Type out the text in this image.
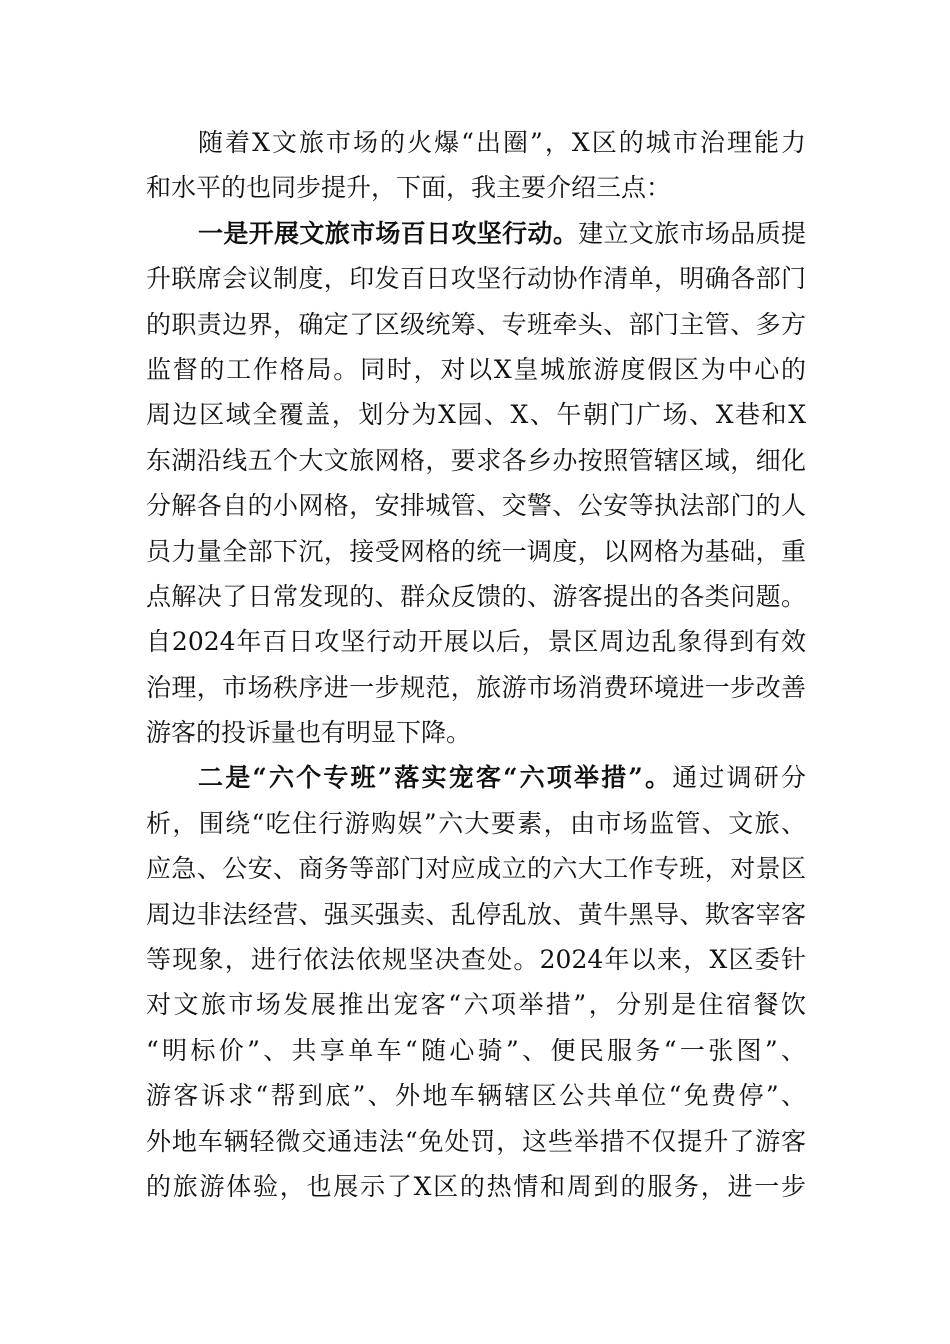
随着X文旅市场的火爆“出圈”，X区的城市治理能力
和水平的也同步提升，下面，我主要介绍三点：
一是开展文旅市场百日攻坚行动。建立文旅市场品质提
升联席会议制度，印发百日攻坚行动协作清单，明确各部门
的职责边界，确定了区级统筹、专班牵头、部门主管、多方
监督的工作格局。同时，对以X皇城旅游度假区为中心的
周边区域全覆盖，划分为X园、X、午朝门广场、X巷和X
东湖沿线五个大文旅网格，要求各乡办按照管辖区域，细化
分解各自的小网格，安排城管、交警、公安等执法部门的人
员力量全部下沉，接受网格的统一调度，以网格为基础，重
点解决了日常发现的、群众反馈的、游客提出的各类问题。
自2024年百日攻坚行动开展以后，景区周边乱象得到有效
治理，市场秩序进一步规范，旅游市场消费环境进一步改善
游客的投诉量也有明显下降。
二是“六个专班”落实宠客“六项举措”。通过调研分
析，围绕“吃住行游购娱”六大要素，由市场监管、文旅、
应急、公安、商务等部门对应成立的六大工作专班，对景区
周边非法经营、强买强卖、乱停乱放、黄牛黑导、欺客宰客
等现象，进行依法依规坚决查处。2024年以来，X区委针
对文旅市场发展推出宠客“六项举措”，分别是住宿餐饮
“明标价”、共享单车“随心骑”、便民服务“一张图”、
游客诉求“帮到底”、外地车辆辖区公共单位“免费停”、
外地车辆轻微交通违法“免处罚，这些举措不仅提升了游客
的旅游体验，也展示了X区的热情和周到的服务，进一步
